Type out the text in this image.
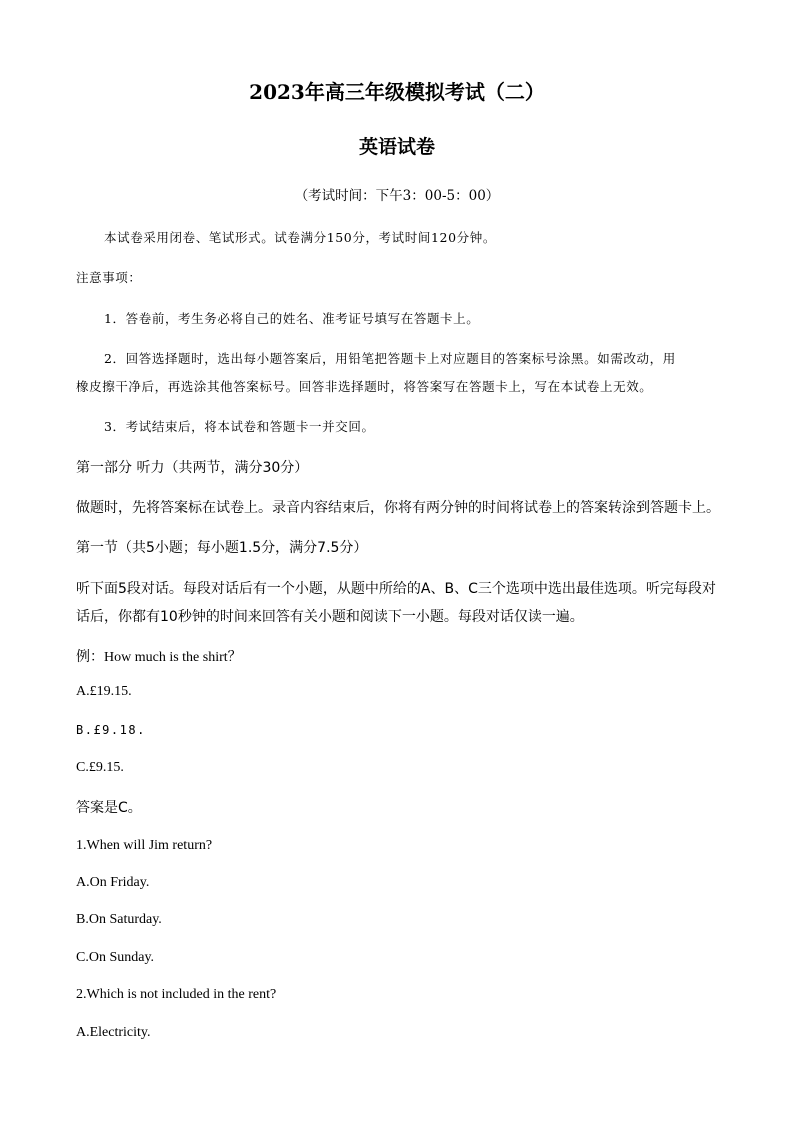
2023年高三年级模拟考试（二）
英语试卷
（考试时间：下午3：00-5：00）
本试卷采用闭卷、笔试形式。试卷满分150分，考试时间120分钟。
注意事项：
1．答卷前，考生务必将自己的姓名、准考证号填写在答题卡上。
2．回答选择题时，选出每小题答案后，用铅笔把答题卡上对应题目的答案标号涂黑。如需改动，用
橡皮擦干净后，再选涂其他答案标号。回答非选择题时，将答案写在答题卡上，写在本试卷上无效。
3．考试结束后，将本试卷和答题卡一并交回。
第一部分 听力（共两节，满分30分）
做题时，先将答案标在试卷上。录音内容结束后，你将有两分钟的时间将试卷上的答案转涂到答题卡上。
第一节（共5小题；每小题1.5分，满分7.5分）
听下面5段对话。每段对话后有一个小题，从题中所给的A、B、C三个选项中选出最佳选项。听完每段对
话后，你都有10秒钟的时间来回答有关小题和阅读下一小题。每段对话仅读一遍。
例：How much is the shirt？
A.£19.15.
B.£9.18.
C.£9.15.
答案是C。
1.When will Jim return?
A.On Friday.
B.On Saturday.
C.On Sunday.
2.Which is not included in the rent?
A.Electricity.
